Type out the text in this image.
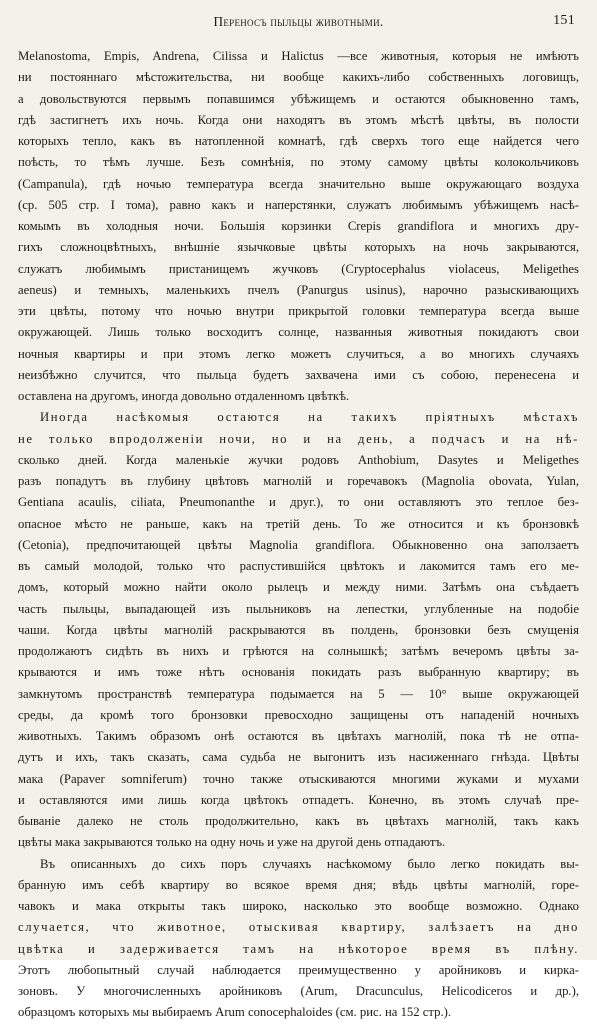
Переносъ пыльцы животными.	151
Melanostoma, Empis, Andrena, Cilissa и Halictus —все животныя, которыя не имѣютъ
ни постояннаго мѣстожительства, ни вообще какихъ-либо собственныхъ логовищъ,
а довольствуются первымъ попавшимся убѣжищемъ и остаются обыкновенно тамъ,
гдѣ застигнетъ ихъ ночь. Когда они находятъ въ этомъ мѣстѣ цвѣты, въ полости
которыхъ тепло, какъ въ натопленной комнатѣ, гдѣ сверхъ того еще найдется чего
поѣсть, то тѣмъ лучше. Безъ сомнѣнія, по этому самому цвѣты колокольчиковъ
(Campanula), гдѣ ночью температура всегда значительно выше окружающаго воздуха
(ср. 505 стр. I тома), равно какъ и наперстянки, служатъ любимымъ убѣжищемъ насѣ-
комымъ въ холодныя ночи. Большія корзинки Crepis grandiflora и многихъ дру-
гихъ сложноцвѣтныхъ, внѣшніе язычковые цвѣты которыхъ на ночь закрываются,
служатъ любимымъ пристанищемъ жучковъ (Cryptocephalus violaceus, Meligethes
aeneus) и темныхъ, маленькихъ пчелъ (Panurgus usinus), нарочно разыскивающихъ
эти цвѣты, потому что ночью внутри прикрытой головки температура всегда выше
окружающей. Лишь только восходитъ солнце, названныя животныя покидаютъ свои
ночныя квартиры и при этомъ легко можетъ случиться, а во многихъ случаяхъ
неизбѣжно случится, что пыльца будетъ захвачена ими съ собою, перенесена и
оставлена на другомъ, иногда довольно отдаленномъ цвѣткѣ.
Иногда насѣкомыя остаются на такихъ пріятныхъ мѣстахъ
не только впродолженіи ночи, но и на день, а подчасъ и на нѣ-
сколько дней. Когда маленькіе жучки родовъ Anthobium, Dasytes и Meligethes
разъ попадутъ въ глубину цвѣтовъ магнолій и горечавокъ (Magnolia obovata, Yulan,
Gentiana acaulis, ciliata, Pneumonanthe и друг.), то они оставляютъ это теплое без-
опасное мѣсто не раньше, какъ на третій день. То же относится и къ бронзовкѣ
(Cetonia), предпочитающей цвѣты Magnolia grandiflora. Обыкновенно она заползаетъ
въ самый молодой, только что распустившійся цвѣтокъ и лакомится тамъ его ме-
домъ, который можно найти около рылецъ и между ними. Затѣмъ она съѣдаетъ
часть пыльцы, выпадающей изъ пыльниковъ на лепестки, углубленные на подобіе
чаши. Когда цвѣты магнолій раскрываются въ полдень, бронзовки безъ смущенія
продолжаютъ сидѣть въ нихъ и грѣются на солнышкѣ; затѣмъ вечеромъ цвѣты за-
крываются и имъ тоже нѣтъ основанія покидать разъ выбранную квартиру; въ
замкнутомъ пространствѣ температура подымается на 5 — 10° выше окружающей
среды, да кромѣ того бронзовки превосходно защищены отъ нападеній ночныхъ
животныхъ. Такимъ образомъ онѣ остаются въ цвѣтахъ магнолій, пока тѣ не отпа-
дутъ и ихъ, такъ сказать, сама судьба не выгонитъ изъ насиженнаго гнѣзда. Цвѣты
мака (Papaver somniferum) точно также отыскиваются многими жуками и мухами
и оставляются ими лишь когда цвѣтокъ отпадетъ. Конечно, въ этомъ случаѣ пре-
бываніе далеко не столь продолжительно, какъ въ цвѣтахъ магнолій, такъ какъ
цвѣты мака закрываются только на одну ночь и уже на другой день отпадаютъ.
Въ описанныхъ до сихъ поръ случаяхъ насѣкомому было легко покидать вы-
бранную имъ себѣ квартиру во всякое время дня; вѣдь цвѣты магнолій, горе-
чавокъ и мака открыты такъ широко, насколько это вообще возможно. Однако
случается, что животное, отыскивая квартиру, залѣзаетъ на дно
цвѣтка и задерживается тамъ на нѣкоторое время въ плѣну.
Этотъ любопытный случай наблюдается преимущественно у аройниковъ и кирка-
зоновъ. У многочисленныхъ аройниковъ (Arum, Dracunculus, Helicodiceros и др.),
образцомъ которыхъ мы выбираемъ Arum conocephaloides (см. рис. на 152 стр.).
